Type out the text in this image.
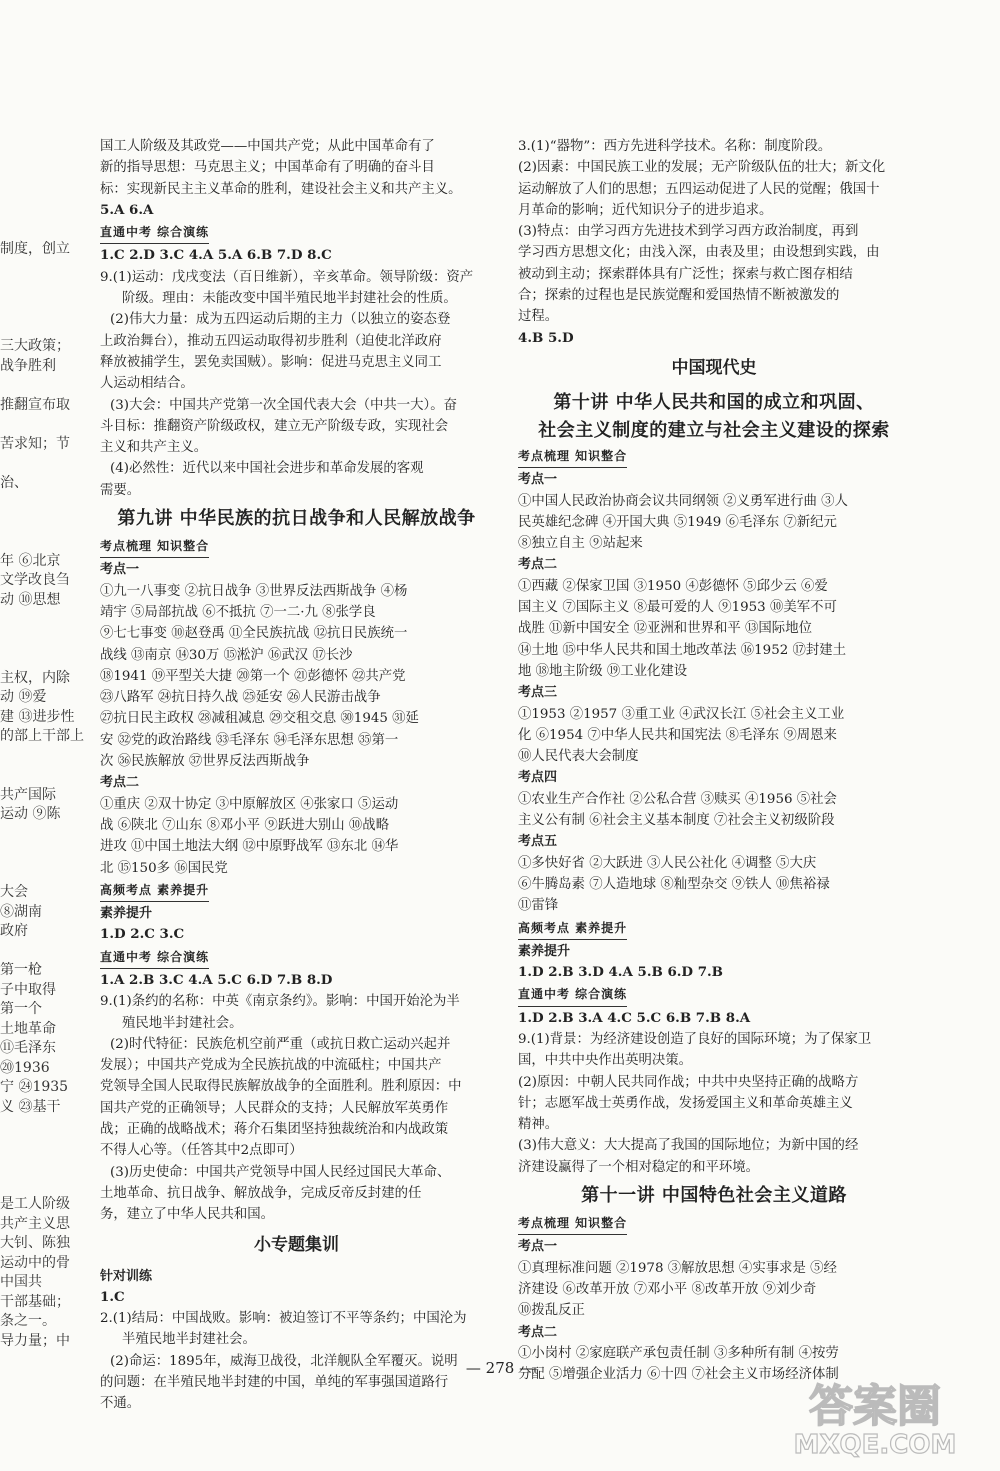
制度，创立
三大政策；
战争胜利
推翻宣布取
苦求知；节
治、
年 ⑥北京
文学改良刍
动 ⑩思想
主权，内除
动 ⑲爱
建 ⑬进步性
的部上干部上
共产国际
运动 ⑨陈
大会
⑧湖南
政府
第一枪
子中取得
第一个
土地革命
⑪毛泽东
⑳1936
宁 ㉔1935
义 ㉓基干
是工人阶级
共产主义思
大钊、陈独
运动中的骨
中国共
干部基础；
条之一。
导力量；中

国工人阶级及其政党——中国共产党；从此中国革命有了

新的指导思想：马克思主义；中国革命有了明确的奋斗目

标：实现新民主主义革命的胜利，建设社会主义和共产主义。

5.A 6.A

直通中考 综合演练

1.C 2.D 3.C 4.A 5.A 6.B 7.D 8.C

9.(1)运动：戊戌变法（百日维新），辛亥革命。领导阶级：资产

阶级。理由：未能改变中国半殖民地半封建社会的性质。

(2)伟大力量：成为五四运动后期的主力（以独立的姿态登

上政治舞台），推动五四运动取得初步胜利（迫使北洋政府

释放被捕学生，罢免卖国贼）。影响：促进马克思主义同工

人运动相结合。

(3)大会：中国共产党第一次全国代表大会（中共一大）。奋

斗目标：推翻资产阶级政权，建立无产阶级专政，实现社会

主义和共产主义。

(4)必然性：近代以来中国社会进步和革命发展的客观

需要。

第九讲 中华民族的抗日战争和人民解放战争
考点梳理 知识整合

考点一

①九一八事变 ②抗日战争 ③世界反法西斯战争 ④杨

靖宇 ⑤局部抗战 ⑥不抵抗 ⑦一二·九 ⑧张学良

⑨七七事变 ⑩赵登禹 ⑪全民族抗战 ⑫抗日民族统一

战线 ⑬南京 ⑭30万 ⑮淞沪 ⑯武汉 ⑰长沙

⑱1941 ⑲平型关大捷 ⑳第一个 ㉑彭德怀 ㉒共产党

㉓八路军 ㉔抗日持久战 ㉕延安 ㉖人民游击战争

㉗抗日民主政权 ㉘减租减息 ㉙交租交息 ㉚1945 ㉛延

安 ㉜党的政治路线 ㉝毛泽东 ㉞毛泽东思想 ㉟第一

次 ㊱民族解放 ㊲世界反法西斯战争

考点二

①重庆 ②双十协定 ③中原解放区 ④张家口 ⑤运动

战 ⑥陕北 ⑦山东 ⑧邓小平 ⑨跃进大别山 ⑩战略

进攻 ⑪中国土地法大纲 ⑫中原野战军 ⑬东北 ⑭华

北 ⑮150多 ⑯国民党

高频考点 素养提升

素养提升

1.D 2.C 3.C

直通中考 综合演练

1.A 2.B 3.C 4.A 5.C 6.D 7.B 8.D

9.(1)条约的名称：中英《南京条约》。影响：中国开始沦为半

殖民地半封建社会。

(2)时代特征：民族危机空前严重（或抗日救亡运动兴起并

发展）；中国共产党成为全民族抗战的中流砥柱；中国共产

党领导全国人民取得民族解放战争的全面胜利。胜利原因：中

国共产党的正确领导；人民群众的支持；人民解放军英勇作

战；正确的战略战术；蒋介石集团坚持独裁统治和内战政策

不得人心等。（任答其中2点即可）

(3)历史使命：中国共产党领导中国人民经过国民大革命、

土地革命、抗日战争、解放战争，完成反帝反封建的任

务，建立了中华人民共和国。

小专题集训

针对训练

1.C

2.(1)结局：中国战败。影响：被迫签订不平等条约；中国沦为

半殖民地半封建社会。

(2)命运：1895年，威海卫战役，北洋舰队全军覆灭。说明

的问题：在半殖民地半封建的中国，单纯的军事强国道路行

不通。

3.(1)“器物”：西方先进科学技术。名称：制度阶段。

(2)因素：中国民族工业的发展；无产阶级队伍的壮大；新文化

运动解放了人们的思想；五四运动促进了人民的觉醒；俄国十

月革命的影响；近代知识分子的进步追求。

(3)特点：由学习西方先进技术到学习西方政治制度，再到

学习西方思想文化；由浅入深，由表及里；由设想到实践，由

被动到主动；探索群体具有广泛性；探索与救亡图存相结

合；探索的过程也是民族觉醒和爱国热情不断被激发的

过程。

4.B 5.D

中国现代史
第十讲 中华人民共和国的成立和巩固、
社会主义制度的建立与社会主义建设的探索
考点梳理 知识整合

考点一

①中国人民政治协商会议共同纲领 ②义勇军进行曲 ③人

民英雄纪念碑 ④开国大典 ⑤1949 ⑥毛泽东 ⑦新纪元

⑧独立自主 ⑨站起来

考点二

①西藏 ②保家卫国 ③1950 ④彭德怀 ⑤邱少云 ⑥爱

国主义 ⑦国际主义 ⑧最可爱的人 ⑨1953 ⑩美军不可

战胜 ⑪新中国安全 ⑫亚洲和世界和平 ⑬国际地位

⑭土地 ⑮中华人民共和国土地改革法 ⑯1952 ⑰封建土

地 ⑱地主阶级 ⑲工业化建设

考点三

①1953 ②1957 ③重工业 ④武汉长江 ⑤社会主义工业

化 ⑥1954 ⑦中华人民共和国宪法 ⑧毛泽东 ⑨周恩来

⑩人民代表大会制度

考点四

①农业生产合作社 ②公私合营 ③赎买 ④1956 ⑤社会

主义公有制 ⑥社会主义基本制度 ⑦社会主义初级阶段

考点五

①多快好省 ②大跃进 ③人民公社化 ④调整 ⑤大庆

⑥牛腾岛素 ⑦人造地球 ⑧籼型杂交 ⑨铁人 ⑩焦裕禄

⑪雷锋

高频考点 素养提升

素养提升

1.D 2.B 3.D 4.A 5.B 6.D 7.B

直通中考 综合演练

1.D 2.B 3.A 4.C 5.C 6.B 7.B 8.A

9.(1)背景：为经济建设创造了良好的国际环境；为了保家卫

国，中共中央作出英明决策。

(2)原因：中朝人民共同作战；中共中央坚持正确的战略方

针；志愿军战士英勇作战，发扬爱国主义和革命英雄主义

精神。

(3)伟大意义：大大提高了我国的国际地位；为新中国的经

济建设赢得了一个相对稳定的和平环境。

第十一讲 中国特色社会主义道路
考点梳理 知识整合

考点一

①真理标准问题 ②1978 ③解放思想 ④实事求是 ⑤经

济建设 ⑥改革开放 ⑦邓小平 ⑧改革开放 ⑨刘少奇

⑩拨乱反正

考点二

①小岗村 ②家庭联产承包责任制 ③多种所有制 ④按劳

分配 ⑤增强企业活力 ⑥十四 ⑦社会主义市场经济体制

— 278 —
答案圈
MXQE.COM
